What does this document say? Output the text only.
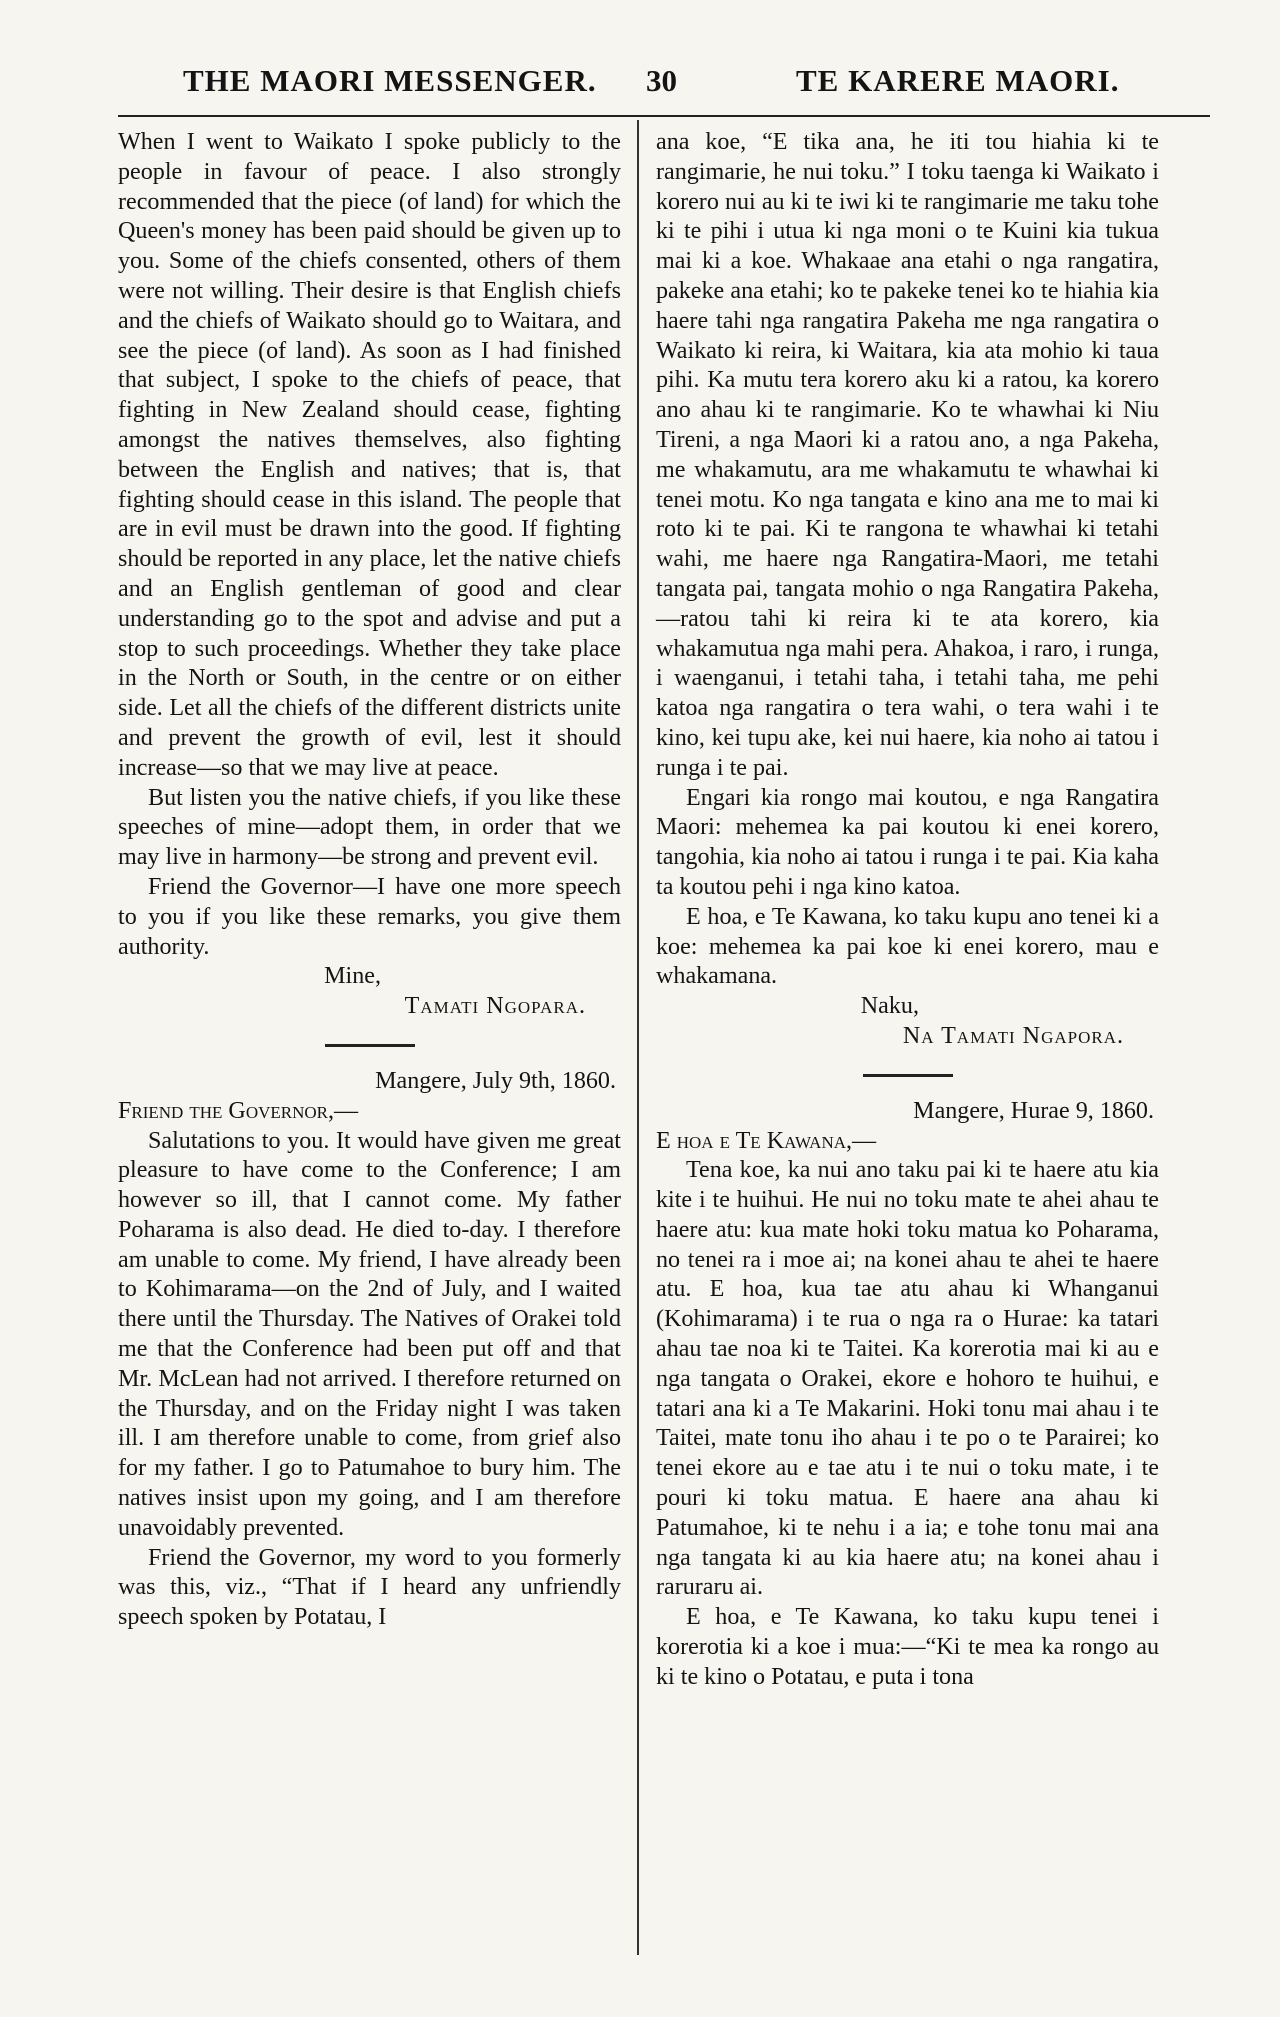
THE MAORI MESSENGER. 30	TE KARERE MAORI.

When I went to Waikato I spoke publicly to the people in favour of peace. I also strongly recommended that the piece (of land) for which the Queen's money has been paid should be given up to you. Some of the chiefs consented, others of them were not willing. Their desire is that English chiefs and the chiefs of Waikato should go to Waitara, and see the piece (of land). As soon as I had finished that subject, I spoke to the chiefs of peace, that fighting in New Zealand should cease, fighting amongst the natives themselves, also fighting between the English and natives; that is, that fighting should cease in this island. The people that are in evil must be drawn into the good. If fighting should be reported in any place, let the native chiefs and an English gentleman of good and clear understanding go to the spot and advise and put a stop to such proceedings. Whether they take place in the North or South, in the centre or on either side. Let all the chiefs of the different districts unite and prevent the growth of evil, lest it should increase—so that we may live at peace.

But listen you the native chiefs, if you like these speeches of mine—adopt them, in order that we may live in harmony—be strong and prevent evil.

Friend the Governor—I have one more speech to you if you like these remarks, you give them authority.

Mine,

Tamati Ngopara.

Mangere, July 9th, 1860.

Friend the Governor,—

Salutations to you. It would have given me great pleasure to have come to the Conference; I am however so ill, that I cannot come. My father Poharama is also dead. He died to-day. I therefore am unable to come. My friend, I have already been to Kohimarama—on the 2nd of July, and I waited there until the Thursday. The Natives of Orakei told me that the Conference had been put off and that Mr. McLean had not arrived. I therefore returned on the Thursday, and on the Friday night I was taken ill. I am therefore unable to come, from grief also for my father. I go to Patumahoe to bury him. The natives insist upon my going, and I am therefore unavoidably prevented.

Friend the Governor, my word to you formerly was this, viz., “That if I heard any unfriendly speech spoken by Potatau, I

ana koe, “E tika ana, he iti tou hiahia ki te rangimarie, he nui toku.” I toku taenga ki Waikato i korero nui au ki te iwi ki te rangimarie me taku tohe ki te pihi i utua ki nga moni o te Kuini kia tukua mai ki a koe. Whakaae ana etahi o nga rangatira, pakeke ana etahi; ko te pakeke tenei ko te hiahia kia haere tahi nga rangatira Pakeha me nga rangatira o Waikato ki reira, ki Waitara, kia ata mohio ki taua pihi. Ka mutu tera korero aku ki a ratou, ka korero ano ahau ki te rangimarie. Ko te whawhai ki Niu Tireni, a nga Maori ki a ratou ano, a nga Pakeha, me whakamutu, ara me whakamutu te whawhai ki tenei motu. Ko nga tangata e kino ana me to mai ki roto ki te pai. Ki te rangona te whawhai ki tetahi wahi, me haere nga Rangatira-Maori, me tetahi tangata pai, tangata mohio o nga Rangatira Pakeha, —ratou tahi ki reira ki te ata korero, kia whakamutua nga mahi pera. Ahakoa, i raro, i runga, i waenganui, i tetahi taha, i tetahi taha, me pehi katoa nga rangatira o tera wahi, o tera wahi i te kino, kei tupu ake, kei nui haere, kia noho ai tatou i runga i te pai.

Engari kia rongo mai koutou, e nga Rangatira Maori: mehemea ka pai koutou ki enei korero, tangohia, kia noho ai tatou i runga i te pai. Kia kaha ta koutou pehi i nga kino katoa.

E hoa, e Te Kawana, ko taku kupu ano tenei ki a koe: mehemea ka pai koe ki enei korero, mau e whakamana.

Naku,

Na Tamati Ngapora.

Mangere, Hurae 9, 1860.

E hoa e Te Kawana,—

Tena koe, ka nui ano taku pai ki te haere atu kia kite i te huihui. He nui no toku mate te ahei ahau te haere atu: kua mate hoki toku matua ko Poharama, no tenei ra i moe ai; na konei ahau te ahei te haere atu. E hoa, kua tae atu ahau ki Whanganui (Kohimarama) i te rua o nga ra o Hurae: ka tatari ahau tae noa ki te Taitei. Ka korerotia mai ki au e nga tangata o Orakei, ekore e hohoro te huihui, e tatari ana ki a Te Makarini. Hoki tonu mai ahau i te Taitei, mate tonu iho ahau i te po o te Parairei; ko tenei ekore au e tae atu i te nui o toku mate, i te pouri ki toku matua. E haere ana ahau ki Patumahoe, ki te nehu i a ia; e tohe tonu mai ana nga tangata ki au kia haere atu; na konei ahau i raruraru ai.

E hoa, e Te Kawana, ko taku kupu tenei i korerotia ki a koe i mua:—“Ki te mea ka rongo au ki te kino o Potatau, e puta i tona
